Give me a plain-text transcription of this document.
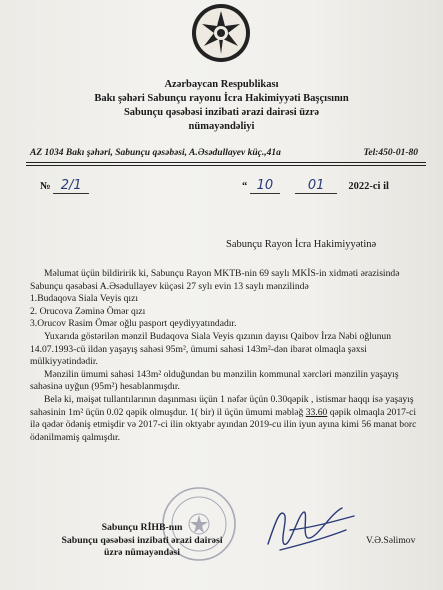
Azərbaycan Respublikası
Bakı şəhəri Sabunçu rayonu İcra Hakimiyyəti Başçısının
Sabunçu qəsəbəsi inzibati ərazi dairəsi üzrə
nümayəndəliyi
AZ 1034 Bakı şəhəri, Sabunçu qəsəbəsi, A.Əsədullayev küç.,41a	Tel:450-01-80
№ 2/1	“ 10	01 2022-ci il
Sabunçu Rayon İcra Hakimiyyətinə

Məlumat üçün bildiririk ki, Sabunçu Rayon MKTB-nin 69 saylı MKİS-in xidməti ərazisində Sabunçu qəsəbəsi A.Əsədullayev küçəsi 27 sylı evin 13 saylı mənzilində

1.Budaqova Siala Veyis qızı

2. Orucova Zəminə Ömər qızı

3.Orucov Rasim Ömər oğlu pasport qeydiyyatındadır.

Yuxarıda göstərilən mənzil Budaqova Siala Veyis qızının dayısı Qaibov İrza Nəbi oğlunun 14.07.1993-cü ildən yaşayış sahəsi 95m², ümumi sahəsi 143m²-dən ibarət olmaqla şəxsi mülkiyyətindədir.

Mənzilin ümumi sahəsi 143m² olduğundan bu mənzilin kommunal xərcləri mənzilin yaşayış sahəsinə uyğun (95m²) hesablanmışdır.

Belə ki, məişət tullantılarının daşınması üçün 1 nəfər üçün 0.30qəpik , istismar haqqı isə yaşayış sahəsinin 1m² üçün 0.02 qəpik olmuşdur. 1( bir) il üçün ümumi məbləğ 33.60 qəpik olmaqla 2017-ci ilə qədər ödəniş etmişdir və 2017-ci ilin oktyabr ayından 2019-cu ilin iyun ayına kimi 56 manat borc ödənilməmiş qalmışdır.

Sabunçu RİHB-nın
Sabunçu qəsəbəsi inzibati ərazi dairəsi
üzrə nümayəndəsi
V.Ə.Səlimov
